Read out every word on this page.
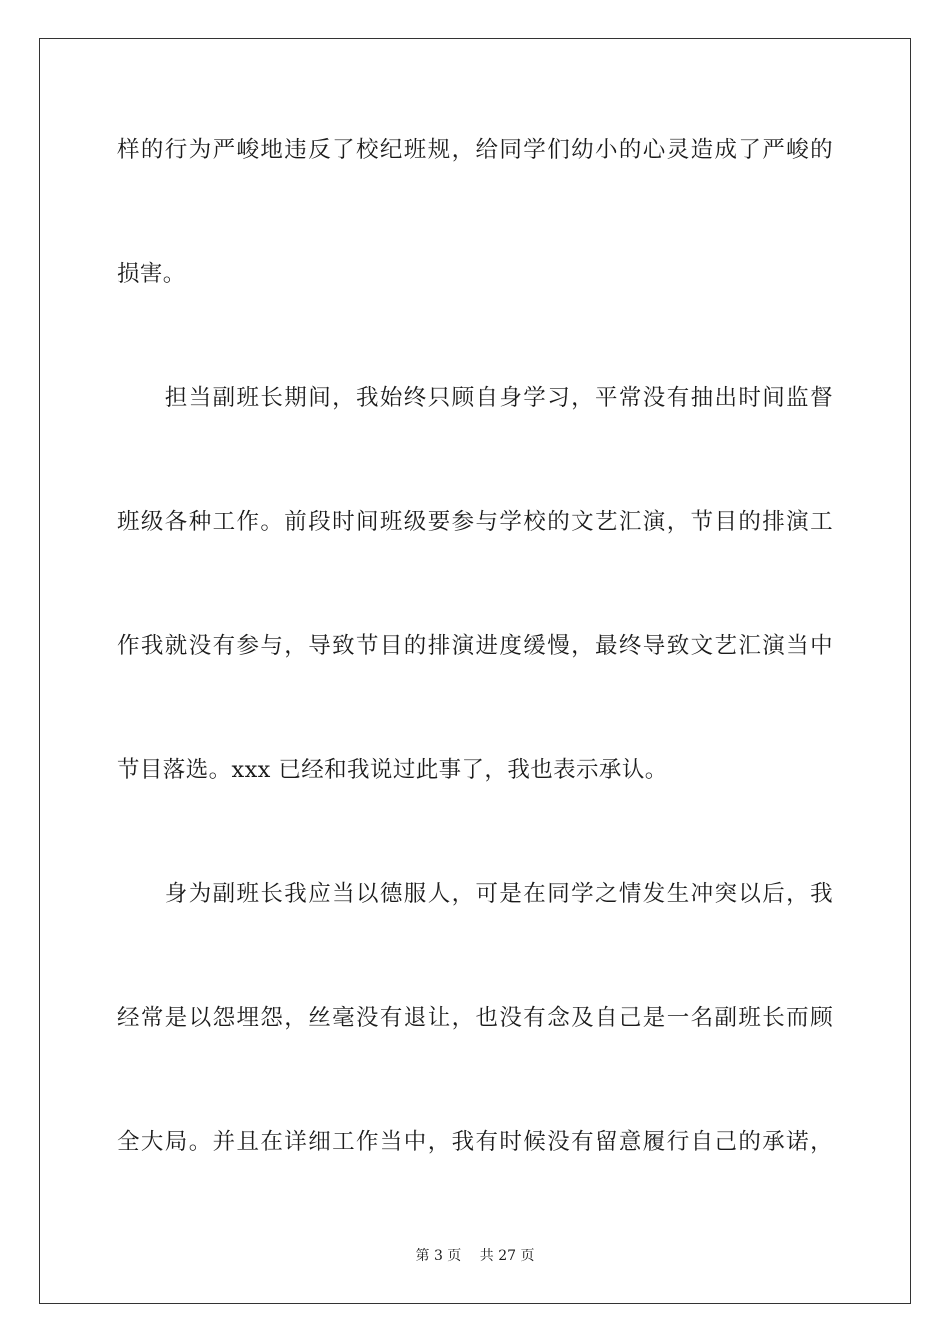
样的行为严峻地违反了校纪班规，给同学们幼小的心灵造成了严峻的
损害。
　　担当副班长期间，我始终只顾自身学习，平常没有抽出时间监督
班级各种工作。前段时间班级要参与学校的文艺汇演，节目的排演工
作我就没有参与，导致节目的排演进度缓慢，最终导致文艺汇演当中
节目落选。xxx 已经和我说过此事了，我也表示承认。
　　身为副班长我应当以德服人，可是在同学之情发生冲突以后，我
经常是以怨埋怨，丝毫没有退让，也没有念及自己是一名副班长而顾
全大局。并且在详细工作当中，我有时候没有留意履行自己的承诺，
第 3 页　 共 27 页
